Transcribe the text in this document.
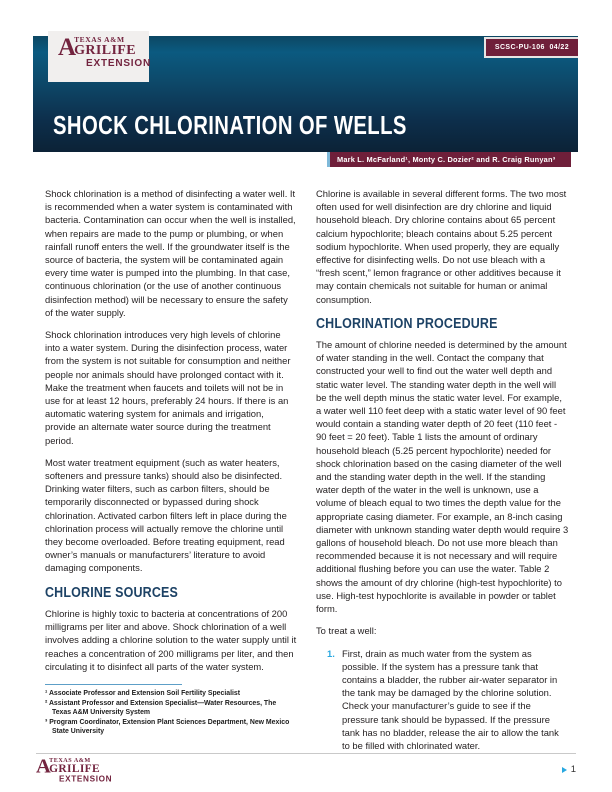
A
TEXAS A&M
GRILIFE
EXTENSION
SCSC-PU-106  04/22
SHOCK CHLORINATION OF WELLS
Mark L. McFarland¹, Monty C. Dozier² and R. Craig Runyan³

Shock chlorination is a method of disinfecting a water well. It is recommended when a water system is contaminated with bacteria. Contamination can occur when the well is installed, when repairs are made to the pump or plumbing, or when rainfall runoff enters the well. If the groundwater itself is the source of bacteria, the system will be contaminated again every time water is pumped into the plumbing. In that case, continuous chlorination (or the use of another continuous disinfection method) will be necessary to ensure the safety of the water supply.

Shock chlorination introduces very high levels of chlorine into a water system. During the disinfection process, water from the system is not suitable for consumption and neither people nor animals should have prolonged contact with it. Make the treatment when faucets and toilets will not be in use for at least 12 hours, preferably 24 hours. If there is an automatic watering system for animals and irrigation, provide an alternate water source during the treatment period.

Most water treatment equipment (such as water heaters, softeners and pressure tanks) should also be disinfected. Drinking water filters, such as carbon filters, should be temporarily disconnected or bypassed during shock chlorination. Activated carbon filters left in place during the chlorination process will actually remove the chlorine until they become overloaded. Before treating equipment, read owner’s manuals or manufacturers’ literature to avoid damaging components.

CHLORINE SOURCES

Chlorine is highly toxic to bacteria at concentrations of 200 milligrams per liter and above. Shock chlorination of a well involves adding a chlorine solution to the water supply until it reaches a concentration of 200 milligrams per liter, and then circulating it to disinfect all parts of the water system.

¹ Associate Professor and Extension Soil Fertility Specialist
² Assistant Professor and Extension Specialist—Water Resources, The Texas A&M University System
³ Program Coordinator, Extension Plant Sciences Department, New Mexico State University

Chlorine is available in several different forms. The two most often used for well disinfection are dry chlorine and liquid household bleach. Dry chlorine contains about 65 percent calcium hypochlorite; bleach contains about 5.25 percent sodium hypochlorite. When used properly, they are equally effective for disinfecting wells. Do not use bleach with a “fresh scent,” lemon fragrance or other additives because it may contain chemicals not suitable for human or animal consumption.

CHLORINATION PROCEDURE

The amount of chlorine needed is determined by the amount of water standing in the well. Contact the company that constructed your well to find out the water well depth and static water level. The standing water depth in the well will be the well depth minus the static water level. For example, a water well 110 feet deep with a static water level of 90 feet would contain a standing water depth of 20 feet (110 feet - 90 feet = 20 feet). Table 1 lists the amount of ordinary household bleach (5.25 percent hypochlorite) needed for shock chlorination based on the casing diameter of the well and the standing water depth in the well. If the standing water depth of the water in the well is unknown, use a volume of bleach equal to two times the depth value for the appropriate casing diameter. For example, an 8-inch casing diameter with unknown standing water depth would require 3 gallons of household bleach. Do not use more bleach than recommended because it is not necessary and will require additional flushing before you can use the water. Table 2 shows the amount of dry chlorine (high-test hypochlorite) to use. High-test hypochlorite is available in powder or tablet form.

To treat a well:

1. First, drain as much water from the system as possible. If the system has a pressure tank that contains a bladder, the rubber air-water separator in the tank may be damaged by the chlorine solution. Check your manufacturer’s guide to see if the pressure tank should be bypassed. If the pressure tank has no bladder, release the air to allow the tank to be filled with chlorinated water.
A
TEXAS A&M
GRILIFE
EXTENSION
1
